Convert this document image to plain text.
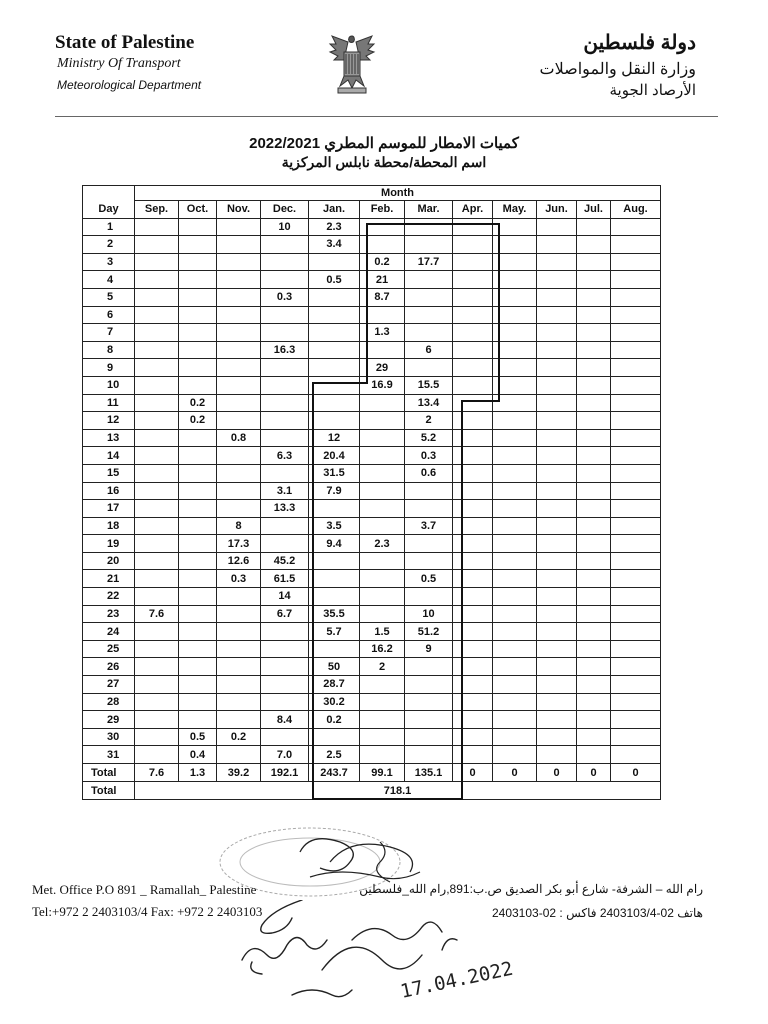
State of Palestine

Ministry Of Transport

Meteorological Department

دولة فلسطين

وزارة النقل والمواصلات

الأرصاد الجوية

كميات الامطار للموسم المطري 2022/2021
اسم المحطة/محطة نابلس المركزية
	Month											
Day	Sep.	Oct.	Nov.	Dec.	Jan.	Feb.	Mar.	Apr.	May.	Jun.	Jul.	Aug.
1				10	2.3							
2					3.4							
3						0.2	17.7					
4					0.5	21						
5				0.3		8.7						
6												
7						1.3						
8				16.3			6					
9						29						
10						16.9	15.5					
11		0.2					13.4					
12		0.2					2					
13			0.8		12		5.2					
14				6.3	20.4		0.3					
15					31.5		0.6					
16				3.1	7.9							
17				13.3								
18			8		3.5		3.7					
19			17.3		9.4	2.3						
20			12.6	45.2								
21			0.3	61.5			0.5					
22				14								
23	7.6			6.7	35.5		10					
24					5.7	1.5	51.2					
25						16.2	9					
26					50	2						
27					28.7							
28					30.2							
29				8.4	0.2							
30		0.5	0.2									
31		0.4		7.0	2.5							
Total	7.6	1.3	39.2	192.1	243.7	99.1	135.1	0	0	0	0	0
Total	718.1											
Met. Office P.O 891 _ Ramallah_ Palestine
Tel:+972 2 2403103/4 Fax: +972 2 2403103
رام الله – الشرفة- شارع أبو بكر الصديق ص.ب:891,رام الله_فلسطين
هاتف 02-2403103/4 فاكس : 02-2403103
17.04.2022
